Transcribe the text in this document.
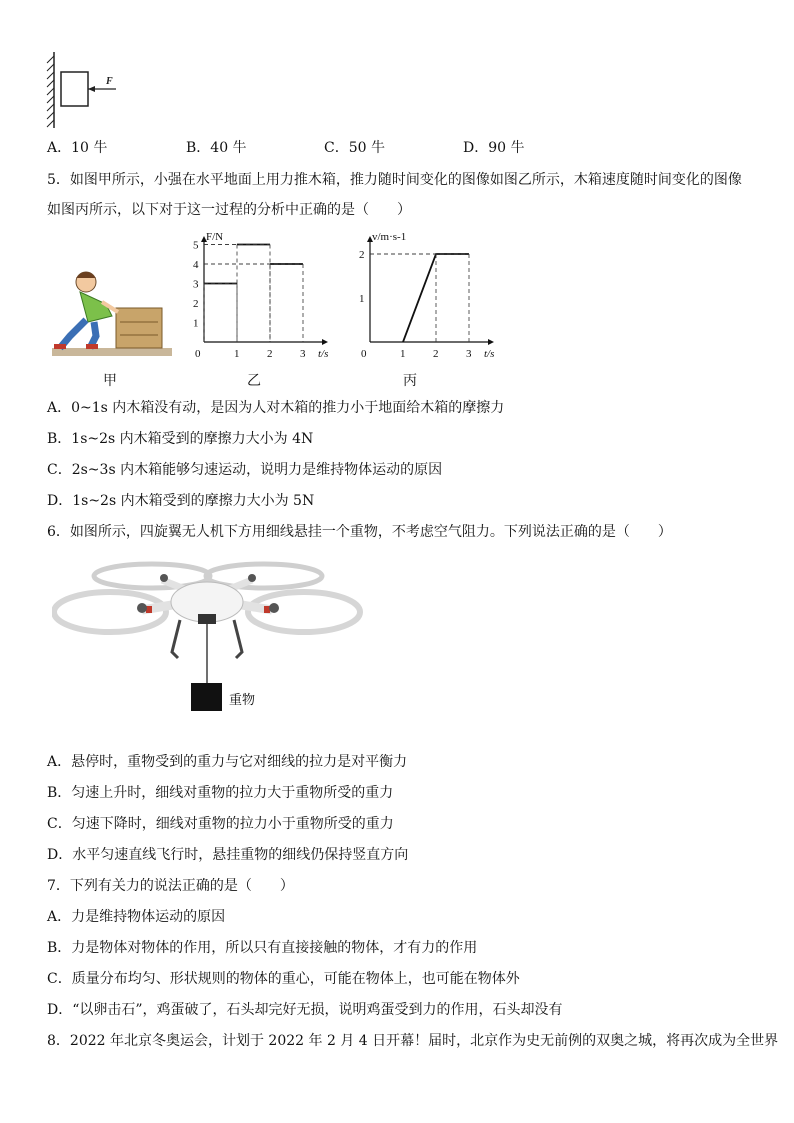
F
A．10 牛	B．40 牛	C．50 牛	D．90 牛
5．如图甲所示，小强在水平地面上用力推木箱，推力随时间变化的图像如图乙所示，木箱速度随时间变化的图像
如图丙所示，以下对于这一过程的分析中正确的是（　　）
0	1	2	3
1
2
3
4
5
t/s
F/N
0	1	2	3
1
2
t/s
v/m·s-1
甲	乙	丙
A．0~1s 内木箱没有动，是因为人对木箱的推力小于地面给木箱的摩擦力
B．1s~2s 内木箱受到的摩擦力大小为 4N
C．2s~3s 内木箱能够匀速运动，说明力是维持物体运动的原因
D．1s~2s 内木箱受到的摩擦力大小为 5N
6．如图所示，四旋翼无人机下方用细线悬挂一个重物，不考虑空气阻力。下列说法正确的是（　　）
重物
A．悬停时，重物受到的重力与它对细线的拉力是对平衡力
B．匀速上升时，细线对重物的拉力大于重物所受的重力
C．匀速下降时，细线对重物的拉力小于重物所受的重力
D．水平匀速直线飞行时，悬挂重物的细线仍保持竖直方向
7．下列有关力的说法正确的是（　　）
A．力是维持物体运动的原因
B．力是物体对物体的作用，所以只有直接接触的物体，才有力的作用
C．质量分布均匀、形状规则的物体的重心，可能在物体上，也可能在物体外
D．“以卵击石”，鸡蛋破了，石头却完好无损，说明鸡蛋受到力的作用，石头却没有
8．2022 年北京冬奥运会，计划于 2022 年 2 月 4 日开幕！届时，北京作为史无前例的双奥之城，将再次成为全世界
